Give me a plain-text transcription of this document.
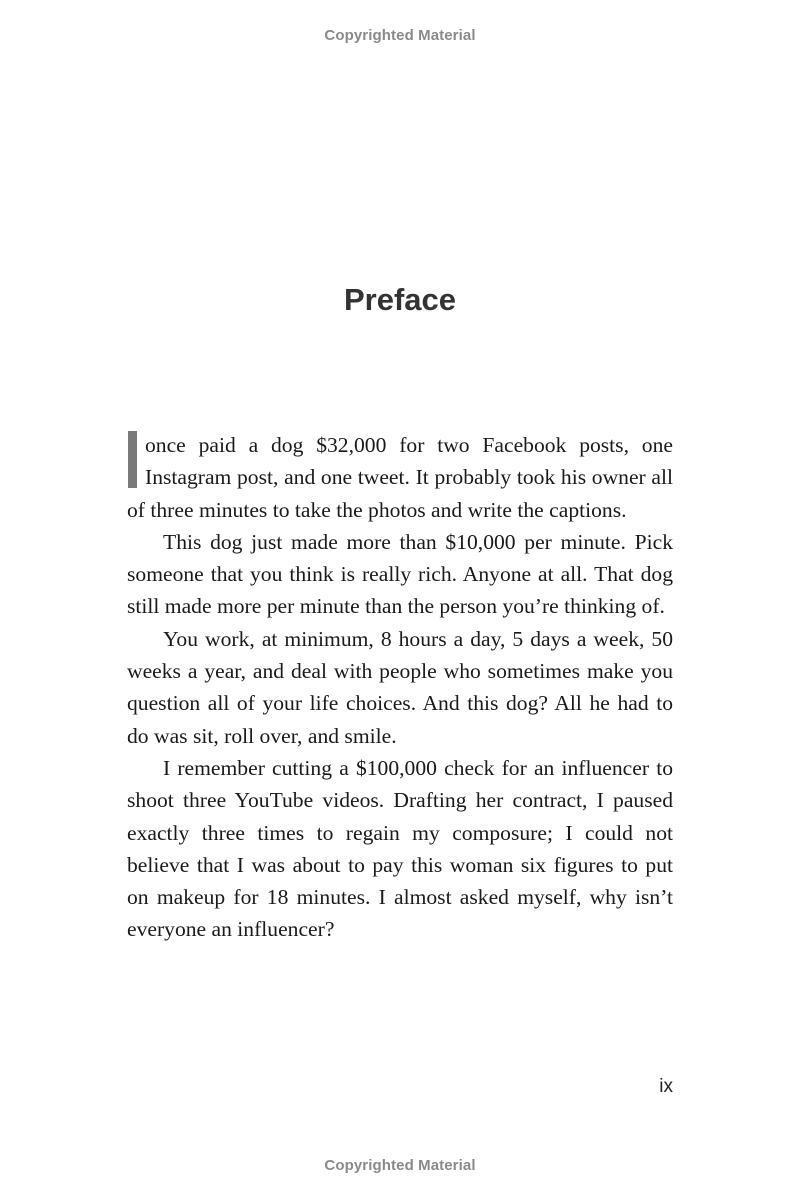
Copyrighted Material
Preface

once paid a dog $32,000 for two Facebook posts, one Instagram post, and one tweet. It probably took his owner all of three minutes to take the photos and write the captions.

This dog just made more than $10,000 per minute. Pick someone that you think is really rich. Anyone at all. That dog still made more per minute than the person you’re thinking of.

You work, at minimum, 8 hours a day, 5 days a week, 50 weeks a year, and deal with people who sometimes make you question all of your life choices. And this dog? All he had to do was sit, roll over, and smile.

I remember cutting a $100,000 check for an influencer to shoot three YouTube videos. Drafting her contract, I paused exactly three times to regain my composure; I could not believe that I was about to pay this woman six figures to put on makeup for 18 minutes. I almost asked myself, why isn’t everyone an influencer?

ix
Copyrighted Material
